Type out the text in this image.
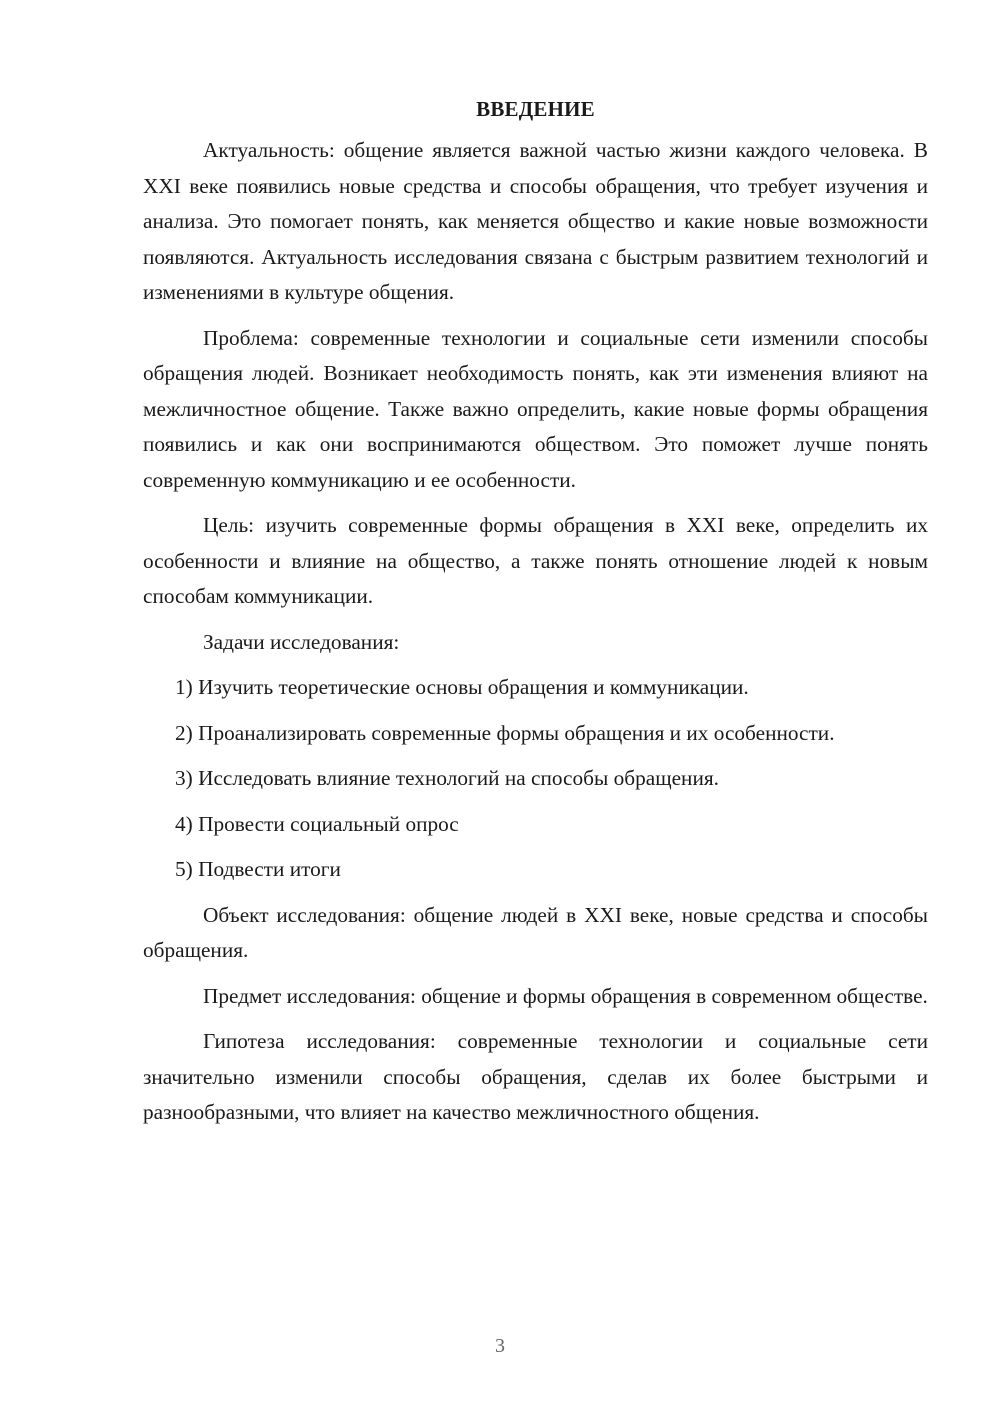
ВВЕДЕНИЕ

Актуальность: общение является важной частью жизни каждого человека. В XXI веке появились новые средства и способы обращения, что требует изучения и анализа. Это помогает понять, как меняется общество и какие новые возможности появляются. Актуальность исследования связана с быстрым развитием технологий и изменениями в культуре общения.

Проблема: современные технологии и социальные сети изменили способы обращения людей. Возникает необходимость понять, как эти изменения влияют на межличностное общение. Также важно определить, какие новые формы обращения появились и как они воспринимаются обществом. Это поможет лучше понять современную коммуникацию и ее особенности.

Цель: изучить современные формы обращения в XXI веке, определить их особенности и влияние на общество, а также понять отношение людей к новым способам коммуникации.

Задачи исследования:

1) Изучить теоретические основы обращения и коммуникации.

2) Проанализировать современные формы обращения и их особенности.

3) Исследовать влияние технологий на способы обращения.

4) Провести социальный опрос

5) Подвести итоги

Объект исследования: общение людей в XXI веке, новые средства и способы обращения.

Предмет исследования: общение и формы обращения в современном обществе.

Гипотеза исследования: современные технологии и социальные сети значительно изменили способы обращения, сделав их более быстрыми и разнообразными, что влияет на качество межличностного общения.

3
